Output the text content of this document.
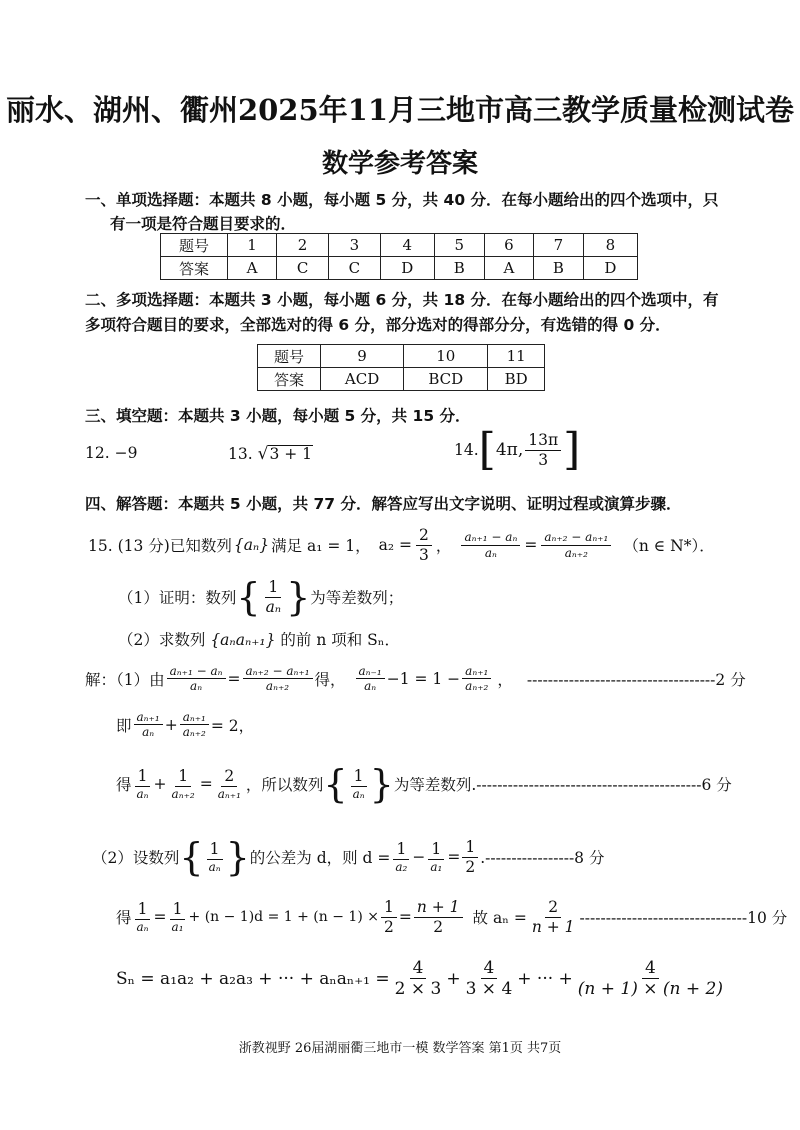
丽水、湖州、衢州2025年11月三地市高三教学质量检测试卷
数学参考答案
一、单项选择题：本题共 8 小题，每小题 5 分，共 40 分．在每小题给出的四个选项中，只
有一项是符合题目要求的．
题号	1	2	3	4	5	6	7	8
答案	A	C	C	D	B	A	B	D
二、多项选择题：本题共 3 小题，每小题 6 分，共 18 分．在每小题给出的四个选项中，有
多项符合题目的要求，全部选对的得 6 分，部分选对的得部分分，有选错的得 0 分．
题号	9	10	11
答案	ACD	BCD	BD
三、填空题：本题共 3 小题，每小题 5 分，共 15 分．
12. −9	13. √3 + 1	14. [ 4π, $\frac{13\pi}{3}$ ]
四、解答题：本题共 5 小题，共 77 分．解答应写出文字说明、证明过程或演算步骤．
15. (13 分)已知数列 {aₙ} 满足 a₁ = 1， $a_2 = \frac{2}{3}$ ， $\frac{\text{aₙ₊₁ − aₙ}}{\text{aₙ}} = \frac{\text{aₙ₊₂ − aₙ₊₁}}{\text{aₙ₊₂}} (n$ ∈ N*）．
（1）证明：数列 { $\frac{1}{\text{aₙ}}$ } 为等差数列；
（2）求数列 {aₙaₙ₊₁} 的前 n 项和 Sₙ．
解：（1）由 $\frac{\text{aₙ₊₁ − aₙ}}{\text{aₙ}} = \frac{\text{aₙ₊₂ − aₙ₊₁}}{\text{aₙ₊₂}}$ 得， $\frac{\text{aₙ₋₁}}{\text{aₙ}} -1 = 1 - \frac{\text{aₙ₊₁}}{\text{aₙ₊₂}}$ ， ------------------------------------2 分
即 $\frac{\text{aₙ₊₁}}{\text{aₙ}} + \frac{\text{aₙ₊₁}}{\text{aₙ₊₂}} = 2$，
得 $\frac{1}{\text{aₙ}} + \frac{1}{\text{aₙ₊₂}} = \frac{2}{\text{aₙ₊₁}}$ ，所以数列 { $\frac{1}{\text{aₙ}}$ } 为等差数列. -------------------------------------------6 分
（2）设数列 { $\frac{1}{\text{aₙ}}$ } 的公差为 d，则 $d = \frac{1}{\text{a₂}} - \frac{1}{\text{a₁}} = \frac{1}{2} .-----------------8$ 分
得 $\frac{1}{\text{aₙ}} = \frac{1}{\text{a₁}} + (n - 1)d = 1 + (n - 1) \times \frac{1}{2} = \frac{n + 1}{2}$ 故 $a_n = \frac{2}{n + 1} --------------------------------10$ 分
Sₙ = a₁a₂ + a₂a₃ + ··· + $a_na_{n+1} = \frac{4}{2 \times 3} + \frac{4}{3 \times 4}$ + ··· + $\frac{4}{(n + 1) \times (n + 2)}$
浙教视野 26届湖丽衢三地市一模 数学答案 第1页 共7页
